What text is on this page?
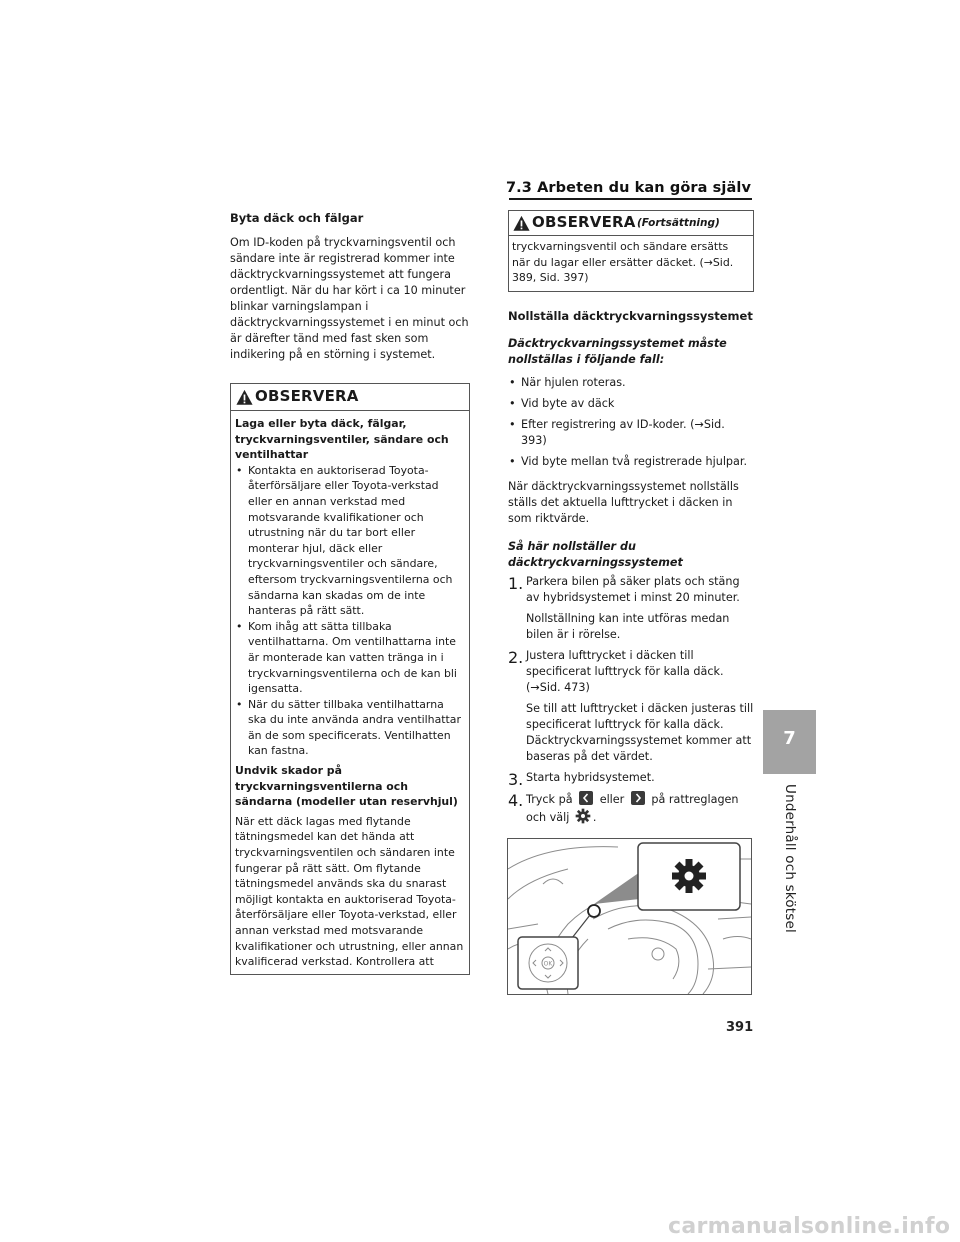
7.3 Arbeten du kan göra själv
Byta däck och fälgar

Om ID-koden på tryckvarningsventil och sändare inte är registrerad kommer inte däcktryckvarningssystemet att fungera ordentligt. När du har kört i ca 10 minuter blinkar varningslampan i däcktryckvarningssystemet i en minut och är därefter tänd med fast sken som indikering på en störning i systemet.

OBSERVERA

Laga eller byta däck, fälgar, tryckvarningsventiler, sändare och ventilhattar

• Kontakta en auktoriserad Toyota-återförsäljare eller Toyota-verkstad eller en annan verkstad med motsvarande kvalifikationer och utrustning när du tar bort eller monterar hjul, däck eller tryckvarningsventiler och sändare, eftersom tryckvarningsventilerna och sändarna kan skadas om de inte hanteras på rätt sätt.

• Kom ihåg att sätta tillbaka ventilhattarna. Om ventilhattarna inte är monterade kan vatten tränga in i tryckvarningsventilerna och de kan bli igensatta.

• När du sätter tillbaka ventilhattarna ska du inte använda andra ventilhattar än de som specificerats. Ventilhatten kan fastna.

Undvik skador på tryckvarningsventilerna och sändarna (modeller utan reservhjul)

När ett däck lagas med flytande tätningsmedel kan det hända att tryckvarningsventilen och sändaren inte fungerar på rätt sätt. Om flytande tätningsmedel används ska du snarast möjligt kontakta en auktoriserad Toyota-återförsäljare eller Toyota-verkstad, eller annan verkstad med motsvarande kvalifikationer och utrustning, eller annan kvalificerad verkstad. Kontrollera att

OBSERVERA (Fortsättning)

tryckvarningsventil och sändare ersätts när du lagar eller ersätter däcket. (→Sid. 389, Sid. 397)

Nollställa däcktryckvarningssystemet
Däcktryckvarningssystemet måste nollställas i följande fall:

• När hjulen roteras.

• Vid byte av däck

• Efter registrering av ID-koder. (→Sid. 393)

• Vid byte mellan två registrerade hjulpar.

När däcktryckvarningssystemet nollställs ställs det aktuella lufttrycket i däcken in som riktvärde.

Så här nollställer du däcktryckvarningssystemet
1. Parkera bilen på säker plats och stäng av hybridsystemet i minst 20 minuter.

Nollställning kan inte utföras medan bilen är i rörelse.

2. Justera lufttrycket i däcken till specificerat lufttryck för kalla däck. (→Sid. 473)

Se till att lufttrycket i däcken justeras till specificerat lufttryck för kalla däck. Däcktryckvarningssystemet kommer att baseras på det värdet.

3. Starta hybridsystemet.

4. Tryck på eller på rattreglagen
och välj .

OK
7
Underhåll och skötsel
391
carmanualsonline.info
